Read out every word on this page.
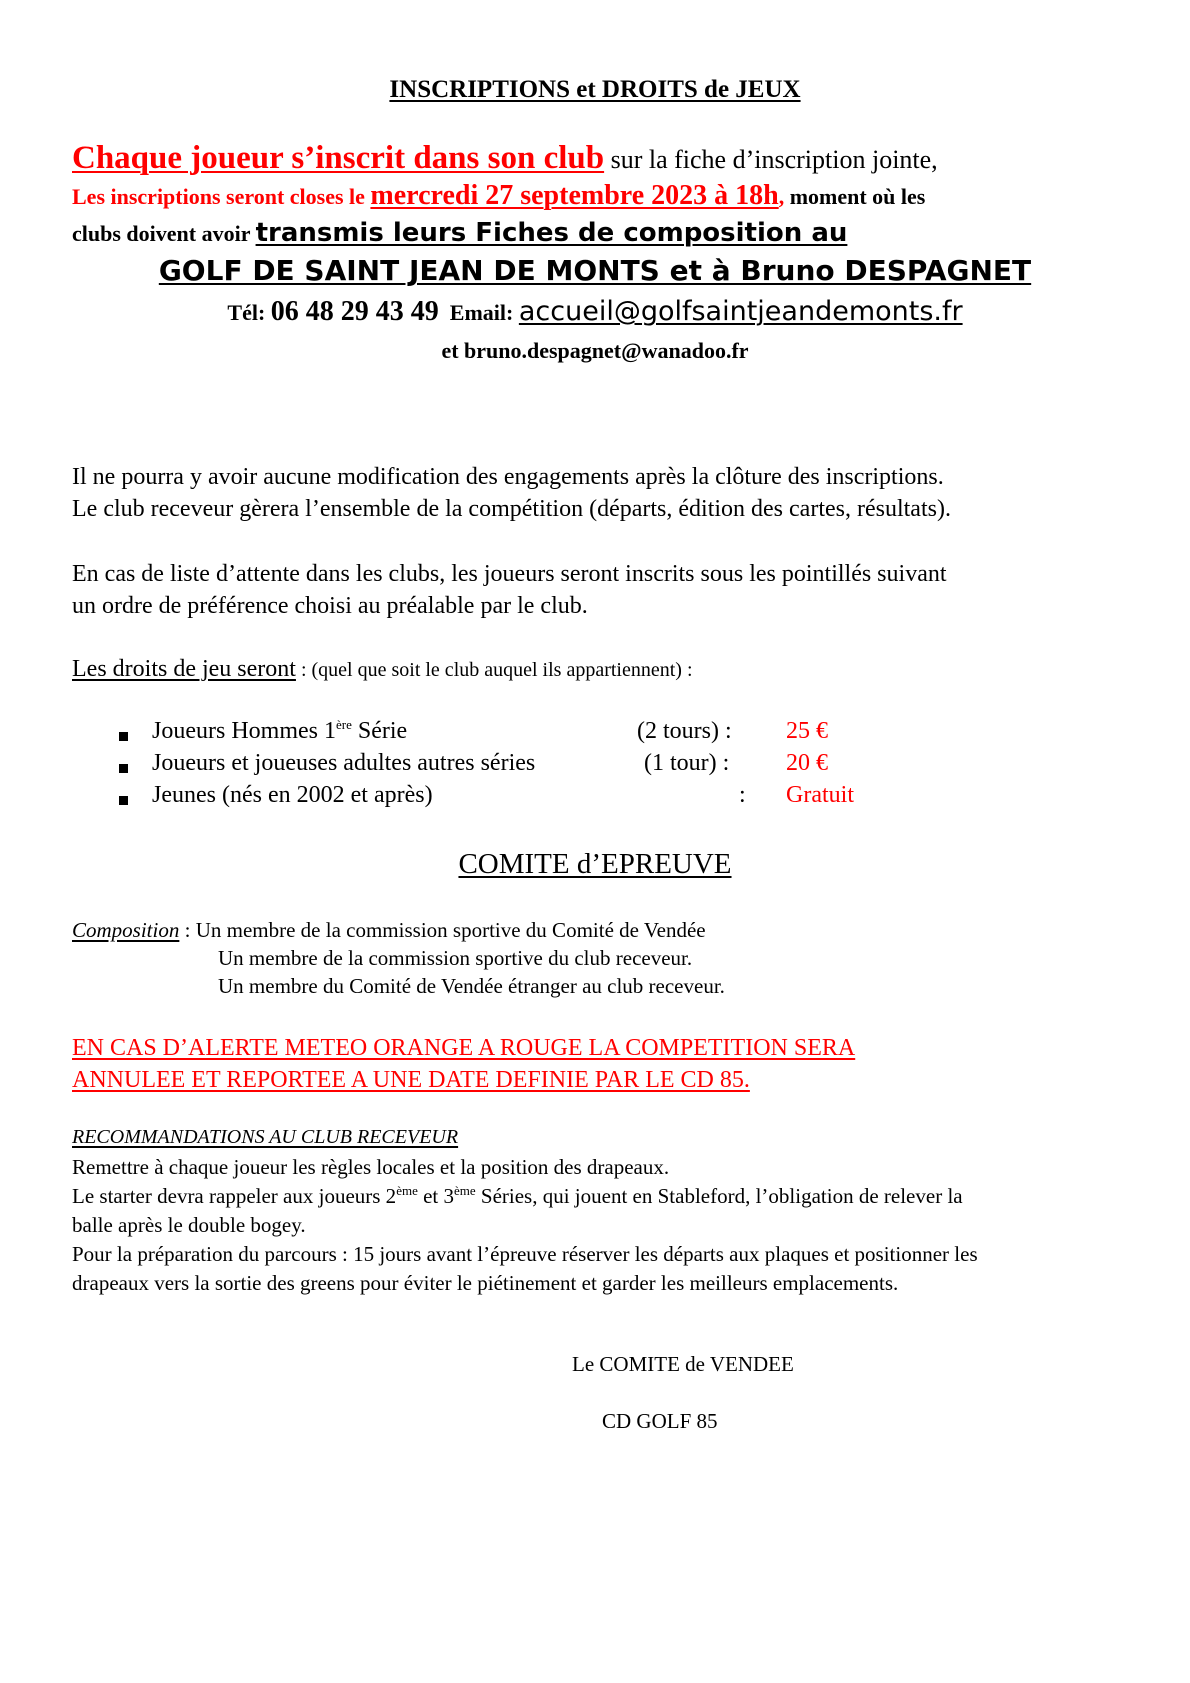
INSCRIPTIONS et DROITS de JEUX
Chaque joueur s’inscrit dans son club sur la fiche d’inscription jointe,
Les inscriptions seront closes le mercredi 27 septembre 2023 à 18h, moment où les
clubs doivent avoir transmis leurs Fiches de composition au
GOLF DE SAINT JEAN DE MONTS et à Bruno DESPAGNET
Tél: 06 48 29 43 49 Email: accueil@golfsaintjeandemonts.fr
et bruno.despagnet@wanadoo.fr
Il ne pourra y avoir aucune modification des engagements après la clôture des inscriptions.
Le club receveur gèrera l’ensemble de la compétition (départs, édition des cartes, résultats).
En cas de liste d’attente dans les clubs, les joueurs seront inscrits sous les pointillés suivant
un ordre de préférence choisi au préalable par le club.
Les droits de jeu seront : (quel que soit le club auquel ils appartiennent) :
Joueurs Hommes 1ère Série	(2 tours) : 25 €
Joueurs et joueuses adultes autres séries	(1 tour) : 20 €
Jeunes (nés en 2002 et après)	: Gratuit
COMITE d’EPREUVE
Composition : Un membre de la commission sportive du Comité de Vendée
Un membre de la commission sportive du club receveur.
Un membre du Comité de Vendée étranger au club receveur.
EN CAS D’ALERTE METEO ORANGE A ROUGE LA COMPETITION SERA
ANNULEE ET REPORTEE A UNE DATE DEFINIE PAR LE CD 85.
RECOMMANDATIONS AU CLUB RECEVEUR
Remettre à chaque joueur les règles locales et la position des drapeaux.
Le starter devra rappeler aux joueurs 2ème et 3ème Séries, qui jouent en Stableford, l’obligation de relever la
balle après le double bogey.
Pour la préparation du parcours : 15 jours avant l’épreuve réserver les départs aux plaques et positionner les
drapeaux vers la sortie des greens pour éviter le piétinement et garder les meilleurs emplacements.
Le COMITE de VENDEE
CD GOLF 85
